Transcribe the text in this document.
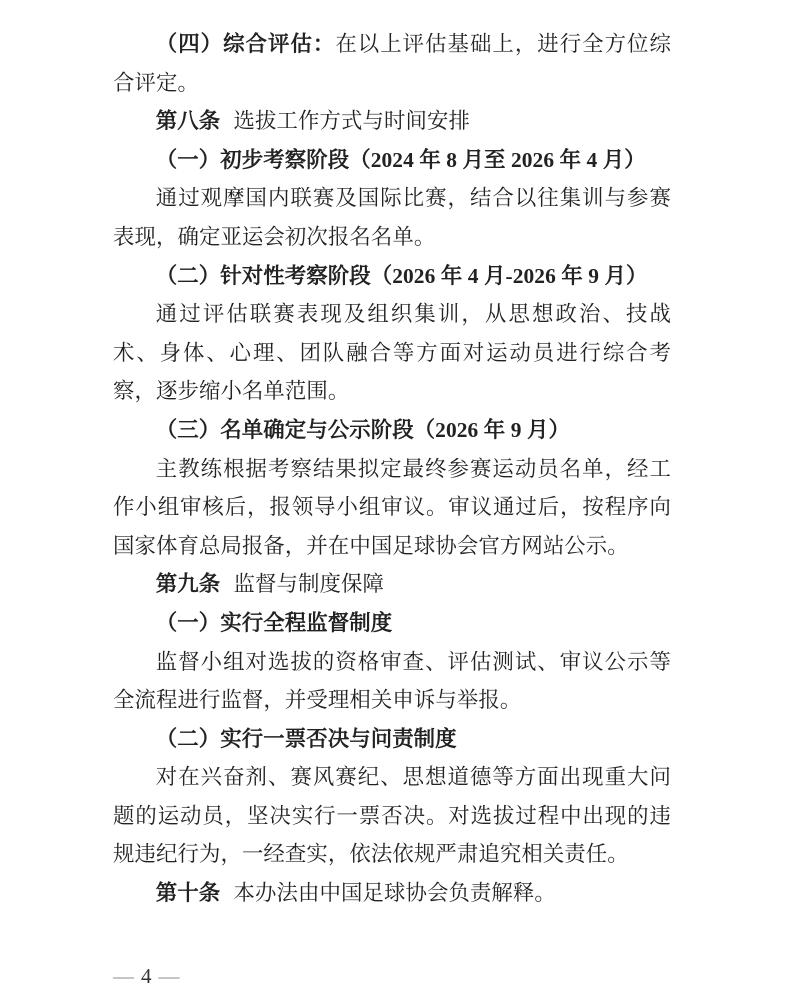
（四）综合评估：在以上评估基础上，进行全方位综合评定。

第八条 选拔工作方式与时间安排

（一）初步考察阶段（2024 年 8 月至 2026 年 4 月）

通过观摩国内联赛及国际比赛，结合以往集训与参赛表现，确定亚运会初次报名名单。

（二）针对性考察阶段（2026 年 4 月-2026 年 9 月）

通过评估联赛表现及组织集训，从思想政治、技战术、身体、心理、团队融合等方面对运动员进行综合考察，逐步缩小名单范围。

（三）名单确定与公示阶段（2026 年 9 月）

主教练根据考察结果拟定最终参赛运动员名单，经工作小组审核后，报领导小组审议。审议通过后，按程序向国家体育总局报备，并在中国足球协会官方网站公示。

第九条 监督与制度保障

（一）实行全程监督制度

监督小组对选拔的资格审查、评估测试、审议公示等全流程进行监督，并受理相关申诉与举报。

（二）实行一票否决与问责制度

对在兴奋剂、赛风赛纪、思想道德等方面出现重大问题的运动员，坚决实行一票否决。对选拔过程中出现的违规违纪行为，一经查实，依法依规严肃追究相关责任。

第十条 本办法由中国足球协会负责解释。

— 4 —
